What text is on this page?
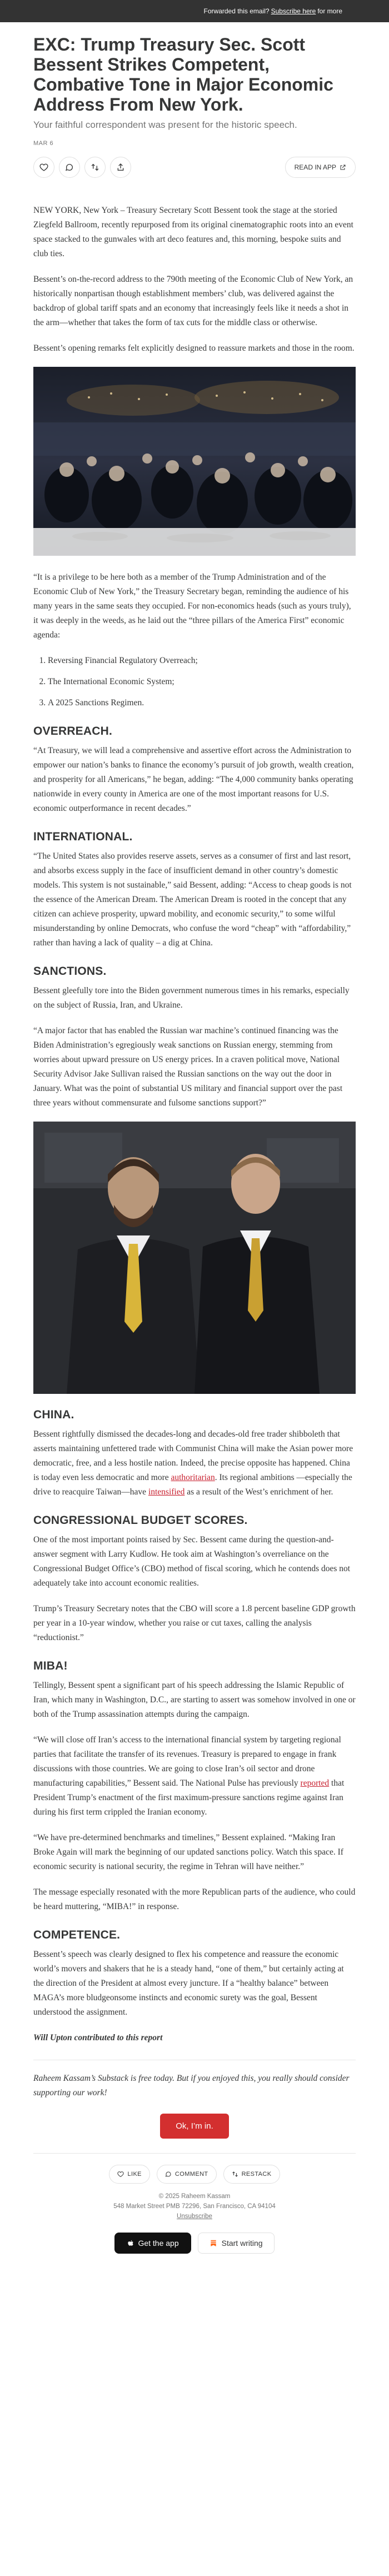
Forwarded this email? Subscribe here for more
EXC: Trump Treasury Sec. Scott Bessent Strikes Competent, Combative Tone in Major Economic Address From New York.
Your faithful correspondent was present for the historic speech.
MAR 6
READ IN APP

NEW YORK, New York – Treasury Secretary Scott Bessent took the stage at the storied Ziegfeld Ballroom, recently repurposed from its original cinematographic roots into an event space stacked to the gunwales with art deco features and, this morning, bespoke suits and club ties.

Bessent’s on-the-record address to the 790th meeting of the Economic Club of New York, an historically nonpartisan though establishment members’ club, was delivered against the backdrop of global tariff spats and an economy that increasingly feels like it needs a shot in the arm—whether that takes the form of tax cuts for the middle class or otherwise.

Bessent’s opening remarks felt explicitly designed to reassure markets and those in the room.

“It is a privilege to be here both as a member of the Trump Administration and of the Economic Club of New York,” the Treasury Secretary began, reminding the audience of his many years in the same seats they occupied. For non-economics heads (such as yours truly), it was deeply in the weeds, as he laid out the “three pillars of the America First” economic agenda:

1. Reversing Financial Regulatory Overreach;
2. The International Economic System;
3. A 2025 Sanctions Regimen.
OVERREACH.

“At Treasury, we will lead a comprehensive and assertive effort across the Administration to empower our nation’s banks to finance the economy’s pursuit of job growth, wealth creation, and prosperity for all Americans,” he began, adding: “The 4,000 community banks operating nationwide in every county in America are one of the most important reasons for U.S. economic outperformance in recent decades.”

INTERNATIONAL.

“The United States also provides reserve assets, serves as a consumer of first and last resort, and absorbs excess supply in the face of insufficient demand in other country’s domestic models. This system is not sustainable,” said Bessent, adding: “Access to cheap goods is not the essence of the American Dream. The American Dream is rooted in the concept that any citizen can achieve prosperity, upward mobility, and economic security,” to some wilful misunderstanding by online Democrats, who confuse the word “cheap” with “affordability,” rather than having a lack of quality – a dig at China.

SANCTIONS.

Bessent gleefully tore into the Biden government numerous times in his remarks, especially on the subject of Russia, Iran, and Ukraine.

“A major factor that has enabled the Russian war machine’s continued financing was the Biden Administration’s egregiously weak sanctions on Russian energy, stemming from worries about upward pressure on US energy prices. In a craven political move, National Security Advisor Jake Sullivan raised the Russian sanctions on the way out the door in January. What was the point of substantial US military and financial support over the past three years without commensurate and fulsome sanctions support?”

CHINA.

Bessent rightfully dismissed the decades-long and decades-old free trader shibboleth that asserts maintaining unfettered trade with Communist China will make the Asian power more democratic, free, and a less hostile nation. Indeed, the precise opposite has happened. China is today even less democratic and more authoritarian. Its regional ambitions —especially the drive to reacquire Taiwan—have intensified as a result of the West’s enrichment of her.

CONGRESSIONAL BUDGET SCORES.

One of the most important points raised by Sec. Bessent came during the question-and-answer segment with Larry Kudlow. He took aim at Washington’s overreliance on the Congressional Budget Office’s (CBO) method of fiscal scoring, which he contends does not adequately take into account economic realities.

Trump’s Treasury Secretary notes that the CBO will score a 1.8 percent baseline GDP growth per year in a 10-year window, whether you raise or cut taxes, calling the analysis “reductionist.”

MIBA!

Tellingly, Bessent spent a significant part of his speech addressing the Islamic Republic of Iran, which many in Washington, D.C., are starting to assert was somehow involved in one or both of the Trump assassination attempts during the campaign.

“We will close off Iran’s access to the international financial system by targeting regional parties that facilitate the transfer of its revenues. Treasury is prepared to engage in frank discussions with those countries. We are going to close Iran’s oil sector and drone manufacturing capabilities,” Bessent said. The National Pulse has previously reported that President Trump’s enactment of the first maximum-pressure sanctions regime against Iran during his first term crippled the Iranian economy.

“We have pre-determined benchmarks and timelines,” Bessent explained. “Making Iran Broke Again will mark the beginning of our updated sanctions policy. Watch this space. If economic security is national security, the regime in Tehran will have neither.”

The message especially resonated with the more Republican parts of the audience, who could be heard muttering, “MIBA!” in response.

COMPETENCE.

Bessent’s speech was clearly designed to flex his competence and reassure the economic world’s movers and shakers that he is a steady hand, “one of them,” but certainly acting at the direction of the President at almost every juncture. If a “healthy balance” between MAGA’s more bludgeonsome instincts and economic surety was the goal, Bessent understood the assignment.

Will Upton contributed to this report

Raheem Kassam’s Substack is free today. But if you enjoyed this, you really should consider supporting our work!

Ok, I’m in.
LIKE	COMMENT	RESTACK
© 2025 Raheem Kassam
548 Market Street PMB 72296, San Francisco, CA 94104
Unsubscribe
Get the app	Start writing
